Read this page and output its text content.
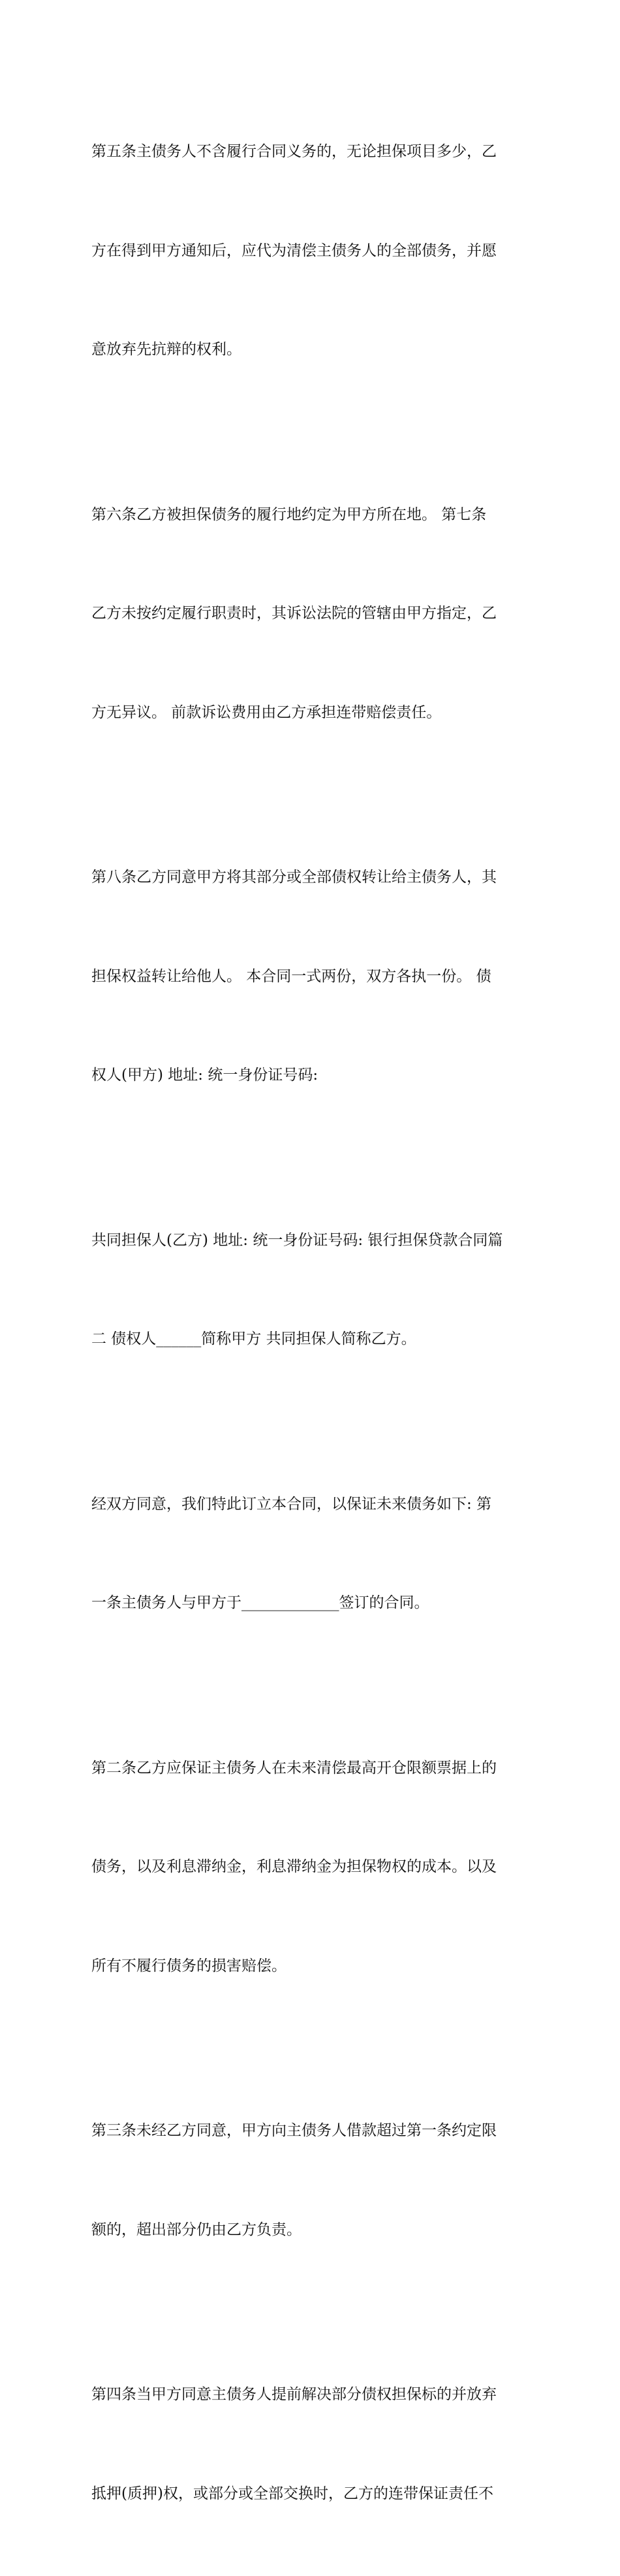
第五条主债务人不含履行合同义务的，无论担保项目多少，乙

方在得到甲方通知后，应代为清偿主债务人的全部债务，并愿

意放弃先抗辩的权利。

第六条乙方被担保债务的履行地约定为甲方所在地。 第七条

乙方未按约定履行职责时，其诉讼法院的管辖由甲方指定，乙

方无异议。 前款诉讼费用由乙方承担连带赔偿责任。

第八条乙方同意甲方将其部分或全部债权转让给主债务人，其

担保权益转让给他人。 本合同一式两份，双方各执一份。 债

权人(甲方) 地址: 统一身份证号码:

共同担保人(乙方) 地址: 统一身份证号码: 银行担保贷款合同篇

二 债权人______简称甲方 共同担保人简称乙方。

经双方同意，我们特此订立本合同，以保证未来债务如下: 第

一条主债务人与甲方于_____________签订的合同。

第二条乙方应保证主债务人在未来清偿最高开仓限额票据上的

债务，以及利息滞纳金，利息滞纳金为担保物权的成本。以及

所有不履行债务的损害赔偿。

第三条未经乙方同意，甲方向主债务人借款超过第一条约定限

额的，超出部分仍由乙方负责。

第四条当甲方同意主债务人提前解决部分债权担保标的并放弃

抵押(质押)权，或部分或全部交换时，乙方的连带保证责任不
